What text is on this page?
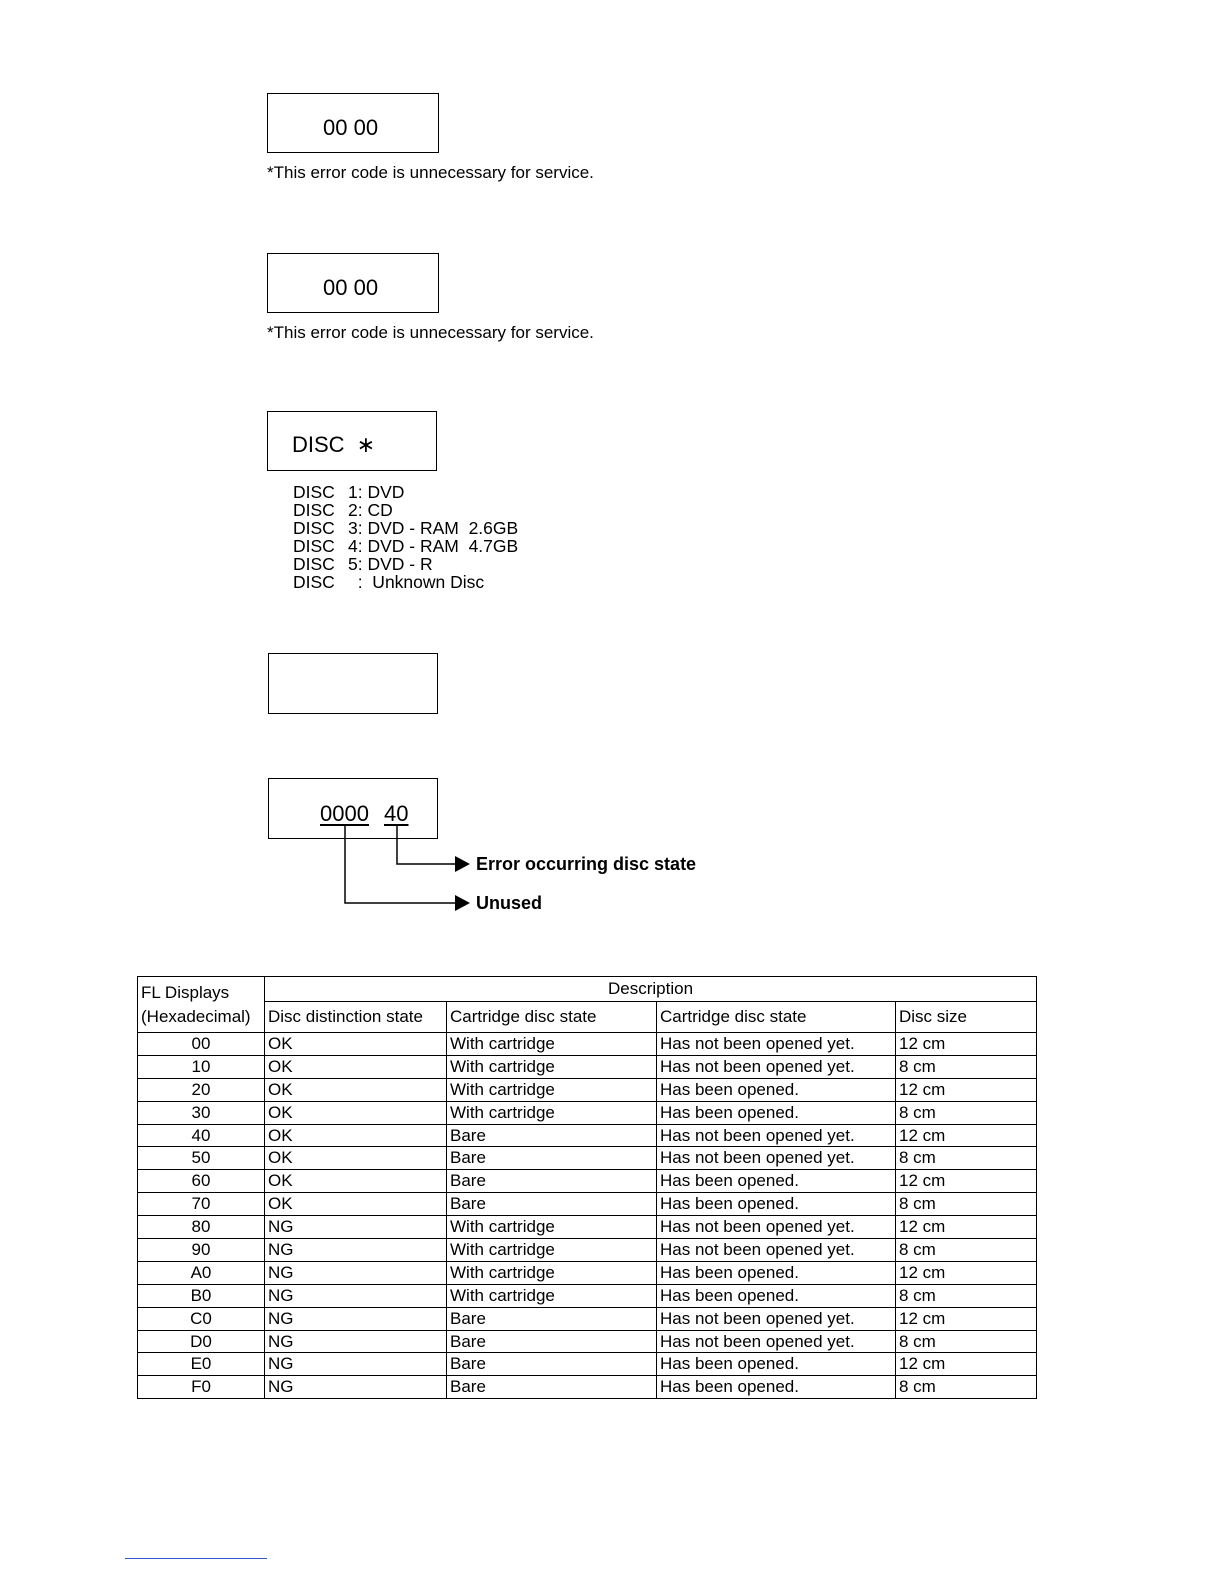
00 00
*This error code is unnecessary for service.
00 00
*This error code is unnecessary for service.
DISC  ∗
DISC 1: DVD
DISC 2: CD
DISC 3: DVD - RAM  2.6GB
DISC 4: DVD - RAM  4.7GB
DISC 5: DVD - R
DISC :  Unknown Disc
0000 40
Error occurring disc state
Unused
FL Displays
(Hexadecimal)	Description			
	Disc distinction state	Cartridge disc state	Cartridge disc state	Disc size
00	OK	With cartridge	Has not been opened yet.	12 cm
10	OK	With cartridge	Has not been opened yet.	8 cm
20	OK	With cartridge	Has been opened.	12 cm
30	OK	With cartridge	Has been opened.	8 cm
40	OK	Bare	Has not been opened yet.	12 cm
50	OK	Bare	Has not been opened yet.	8 cm
60	OK	Bare	Has been opened.	12 cm
70	OK	Bare	Has been opened.	8 cm
80	NG	With cartridge	Has not been opened yet.	12 cm
90	NG	With cartridge	Has not been opened yet.	8 cm
A0	NG	With cartridge	Has been opened.	12 cm
B0	NG	With cartridge	Has been opened.	8 cm
C0	NG	Bare	Has not been opened yet.	12 cm
D0	NG	Bare	Has not been opened yet.	8 cm
E0	NG	Bare	Has been opened.	12 cm
F0	NG	Bare	Has been opened.	8 cm
